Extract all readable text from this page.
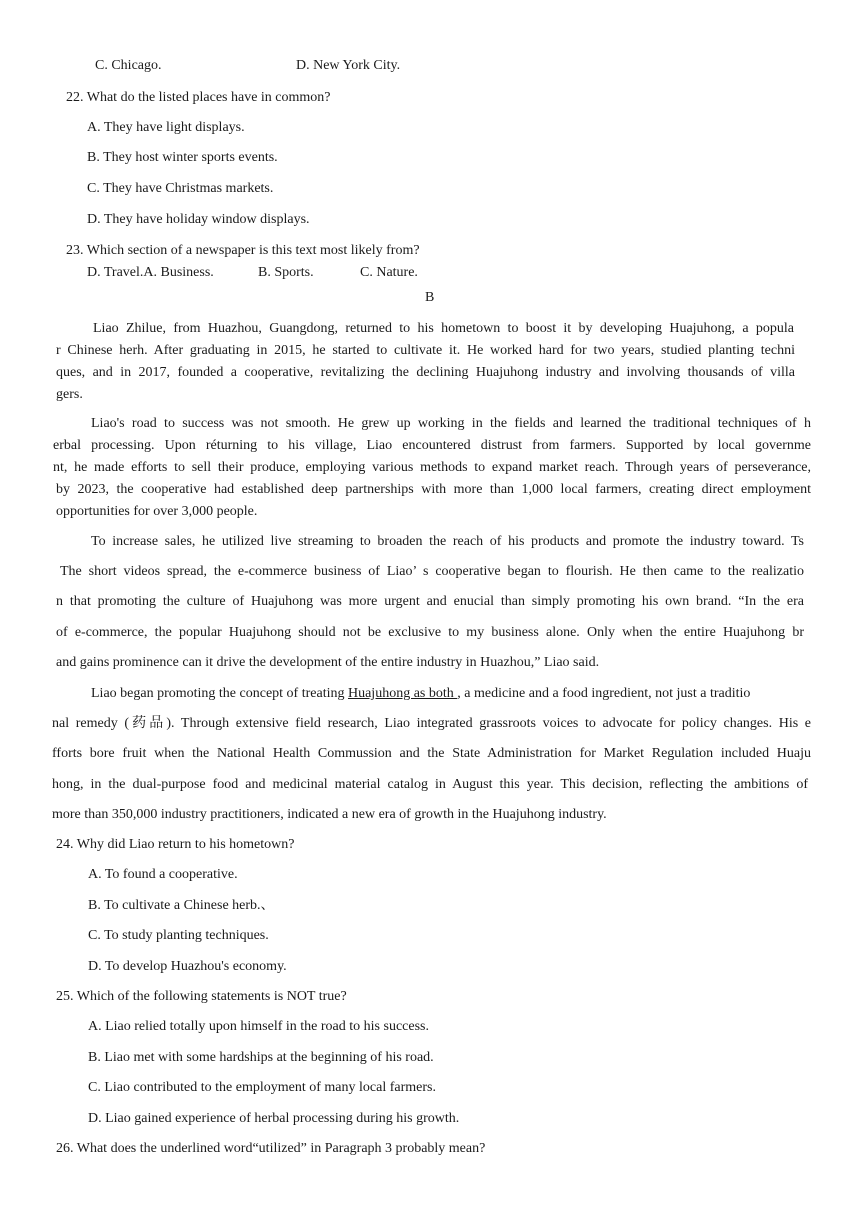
C. Chicago.	D. New York City.
22. What do the listed places have in common?
A. They have light displays.
B. They host winter sports events.
C. They have Christmas markets.
D. They have holiday window displays.
23. Which section of a newspaper is this text most likely from?
D. Travel.A. Business.	B. Sports.	C. Nature.
B
Liao Zhilue, from Huazhou, Guangdong, returned to his hometown to boost it by developing Huajuhong, a popula
r Chinese herh. After graduating in 2015, he started to cultivate it. He worked hard for two years, studied planting techni
ques, and in 2017, founded a cooperative, revitalizing the declining Huajuhong industry and involving thousands of villa
gers.
Liao's road to success was not smooth. He grew up working in the fields and learned the traditional techniques of h
erbal processing. Upon réturning to his village, Liao encountered distrust from farmers. Supported by local governme
nt, he made efforts to sell their produce, employing various methods to expand market reach. Through years of perseverance,
by 2023, the cooperative had established deep partnerships with more than 1,000 local farmers, creating direct employment
opportunities for over 3,000 people.
To increase sales, he utilized live streaming to broaden the reach of his products and promote the industry toward. Ts
The short videos spread, the e-commerce business of Liao’ s cooperative began to flourish. He then came to the realizatio
n that promoting the culture of Huajuhong was more urgent and enucial than simply promoting his own brand. “In the era
of e-commerce, the popular Huajuhong should not be exclusive to my business alone. Only when the entire Huajuhong br
and gains prominence can it drive the development of the entire industry in Huazhou,” Liao said.
Liao began promoting the concept of treating Huajuhong as both , a medicine and a food ingredient, not just a traditio
nal remedy (药品). Through extensive field research, Liao integrated grassroots voices to advocate for policy changes. His e
fforts bore fruit when the National Health Commussion and the State Administration for Market Regulation included Huaju
hong, in the dual-purpose food and medicinal material catalog in August this year. This decision, reflecting the ambitions of
more than 350,000 industry practitioners, indicated a new era of growth in the Huajuhong industry.
24. Why did Liao return to his hometown?
A. To found a cooperative.
B. To cultivate a Chinese herb.、
C. To study planting techniques.
D. To develop Huazhou's economy.
25. Which of the following statements is NOT true?
A. Liao relied totally upon himself in the road to his success.
B. Liao met with some hardships at the beginning of his road.
C. Liao contributed to the employment of many local farmers.
D. Liao gained experience of herbal processing during his growth.
26. What does the underlined word“utilized” in Paragraph 3 probably mean?
